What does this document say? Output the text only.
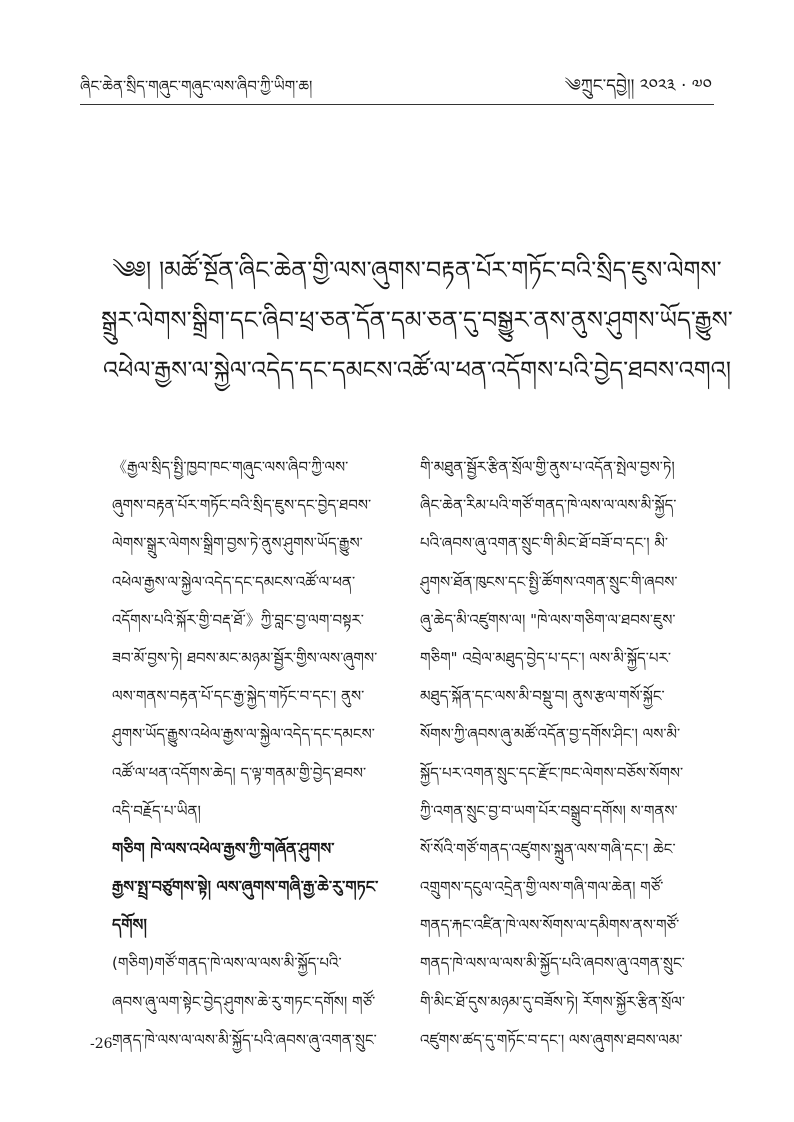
ཞིང་ཆེན་སྲིད་གཞུང་གཞུང་ལས་ཞིབ་ཀྱི་ཡིག་ཆ།	༄ཀྲུང་དབྱེ།། ༢༠༢༣ · ༧༠
༄༅། །མཚོ་སྔོན་ཞིང་ཆེན་གྱི་ལས་ཞུགས་བརྟན་པོར་གཏོང་བའི་སྲིད་ཇུས་ལེགས་
སྒྲུར་ལེགས་སྒྲིག་དང་ཞིབ་ཕྲ་ཅན་དོན་དམ་ཅན་དུ་བསྒྱུར་ནས་ནུས་ཤུགས་ཡོད་རྒྱུས་
འཕེལ་རྒྱས་ལ་སྐྱེལ་འདེད་དང་དམངས་འཚོ་ལ་ཕན་འདོགས་པའི་བྱེད་ཐབས་འགའ།
《རྒྱལ་སྲིད་སྤྱི་ཁྱབ་ཁང་གཞུང་ལས་ཞིབ་ཀྱི་ལས་
ཞུགས་བརྟན་པོར་གཏོང་བའི་སྲིད་ཇུས་དང་བྱེད་ཐབས་
ལེགས་སྒྲུར་ལེགས་སྒྲིག་བྱས་ཏེ་ནུས་ཤུགས་ཡོད་རྒྱུས་
འཕེལ་རྒྱས་ལ་སྐྱེལ་འདེད་དང་དམངས་འཚོ་ལ་ཕན་
འདོགས་པའི་སྐོར་གྱི་བརྡ་ཐོ་》ཀྱི་བླང་བྱ་ལག་བསྟར་
ཟབ་མོ་བྱས་ཏེ། ཐབས་མང་མཉམ་སྦྱོར་གྱིས་ལས་ཞུགས་
ལས་གནས་བརྟན་པོ་དང་རྒྱ་སྐྱེད་གཏོང་བ་དང་། ནུས་
ཤུགས་ཡོད་རྒྱུས་འཕེལ་རྒྱས་ལ་སྐྱེལ་འདེད་དང་དམངས་
འཚོ་ལ་ཕན་འདོགས་ཆེད། ད་ལྟ་གནམ་གྱི་བྱེད་ཐབས་
འདི་བརྗོད་པ་ཡིན།
གཅིག ཁེ་ལས་འཕེལ་རྒྱས་ཀྱི་གཞོན་ཤུགས་
རྒྱས་སྤྲ་བཙུགས་སྟེ། ལས་ཞུགས་གཞི་རྒྱ་ཆེ་རུ་གཏང་
དགོས།
(གཅིག)གཙོ་གནད་ཁེ་ལས་ལ་ལས་མི་སྐྱོད་པའི་
ཞབས་ཞུ་ལག་སྟེང་བྱེད་ཤུགས་ཆེ་རུ་གཏང་དགོས། གཙོ་
གནད་ཁེ་ལས་ལ་ལས་མི་སྐྱོད་པའི་ཞབས་ཞུ་འགན་སྲུང་
གི་མཐུན་སྦྱོར་རྩིན་སྲོལ་གྱི་ནུས་པ་འདོན་སྤེལ་བྱས་ཏེ།
ཞིང་ཆེན་རིམ་པའི་གཙོ་གནད་ཁེ་ལས་ལ་ལས་མི་སྐྱོད་
པའི་ཞབས་ཞུ་འགན་སྲུང་གི་མིང་ཐོ་བཟོ་བ་དང་། མི་
ཤུགས་ཐོན་ཁུངས་དང་སྤྱི་ཚོགས་འགན་སྲུང་གི་ཞབས་
ཞུ་ཆེད་མི་འཛུགས་ལ། "ཁེ་ལས་གཅིག་ལ་ཐབས་ཇུས་
གཅིག" འབྲེལ་མཐུད་བྱེད་པ་དང་། ལས་མི་སྐྱོད་པར་
མཐུད་སྐོན་དང་ལས་མི་བསྡུ་བ། ནུས་རྩལ་གསོ་སྐྱོང་
སོགས་ཀྱི་ཞབས་ཞུ་མཚོ་འདོན་བྱ་དགོས་ཤིང་། ལས་མི་
སྐྱོད་པར་འགན་སྲུང་དང་རྫོང་ཁང་ལེགས་བཅོས་སོགས་
ཀྱི་འགན་སྲུང་བྱ་བ་ཡག་པོར་བསྒྲུབ་དགོས། ས་གནས་
སོ་སོའི་གཙོ་གནད་འཛུགས་སྐྲུན་ལས་གཞི་དང་། ཆེང་
འགྲུགས་དངུལ་འདྲེན་གྱི་ལས་གཞི་གལ་ཆེན། གཙོ་
གནད་རྐང་འཛིན་ཁེ་ལས་སོགས་ལ་དམིགས་ནས་གཙོ་
གནད་ཁེ་ལས་ལ་ལས་མི་སྐྱོད་པའི་ཞབས་ཞུ་འགན་སྲུང་
གི་མིང་ཐོ་དུས་མཉམ་དུ་བཟོས་ཏེ། རོགས་སྐྱོར་རྩིན་སྲོལ་
འཛུགས་ཚད་དུ་གཏོང་བ་དང་། ལས་ཞུགས་ཐབས་ལམ་
-26-
